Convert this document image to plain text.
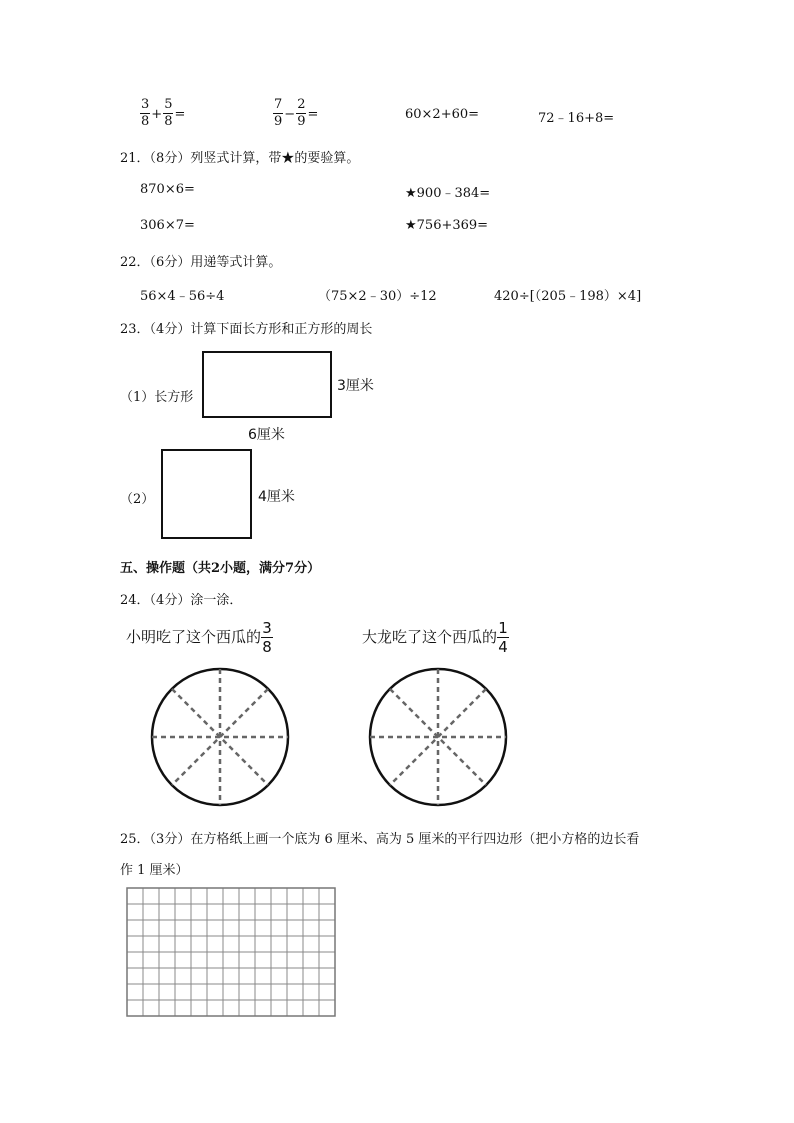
$\frac{3}{8} + \frac{5}{8}$ =	$\frac{7}{9} - \frac{2}{9}$ =	60×2+60=	72﹣16+8=
21．（8分）列竖式计算，带★的要验算。
870×6=	★900﹣384=
306×7=	★756+369=
22．（6分）用递等式计算。
56×4﹣56÷4	（75×2﹣30）÷12	420÷[（205﹣198）×4]
23．（4分）计算下面长方形和正方形的周长
（1）长方形
3厘米
6厘米
（2）	4厘米
五、操作题（共2小题，满分7分）
24．（4分）涂一涂．
小明吃了这个西瓜的 $\frac{3}{8}$	大龙吃了这个西瓜的 $\frac{1}{4}$
25．（3分）在方格纸上画一个底为 6 厘米、高为 5 厘米的平行四边形（把小方格的边长看
作 1 厘米）
